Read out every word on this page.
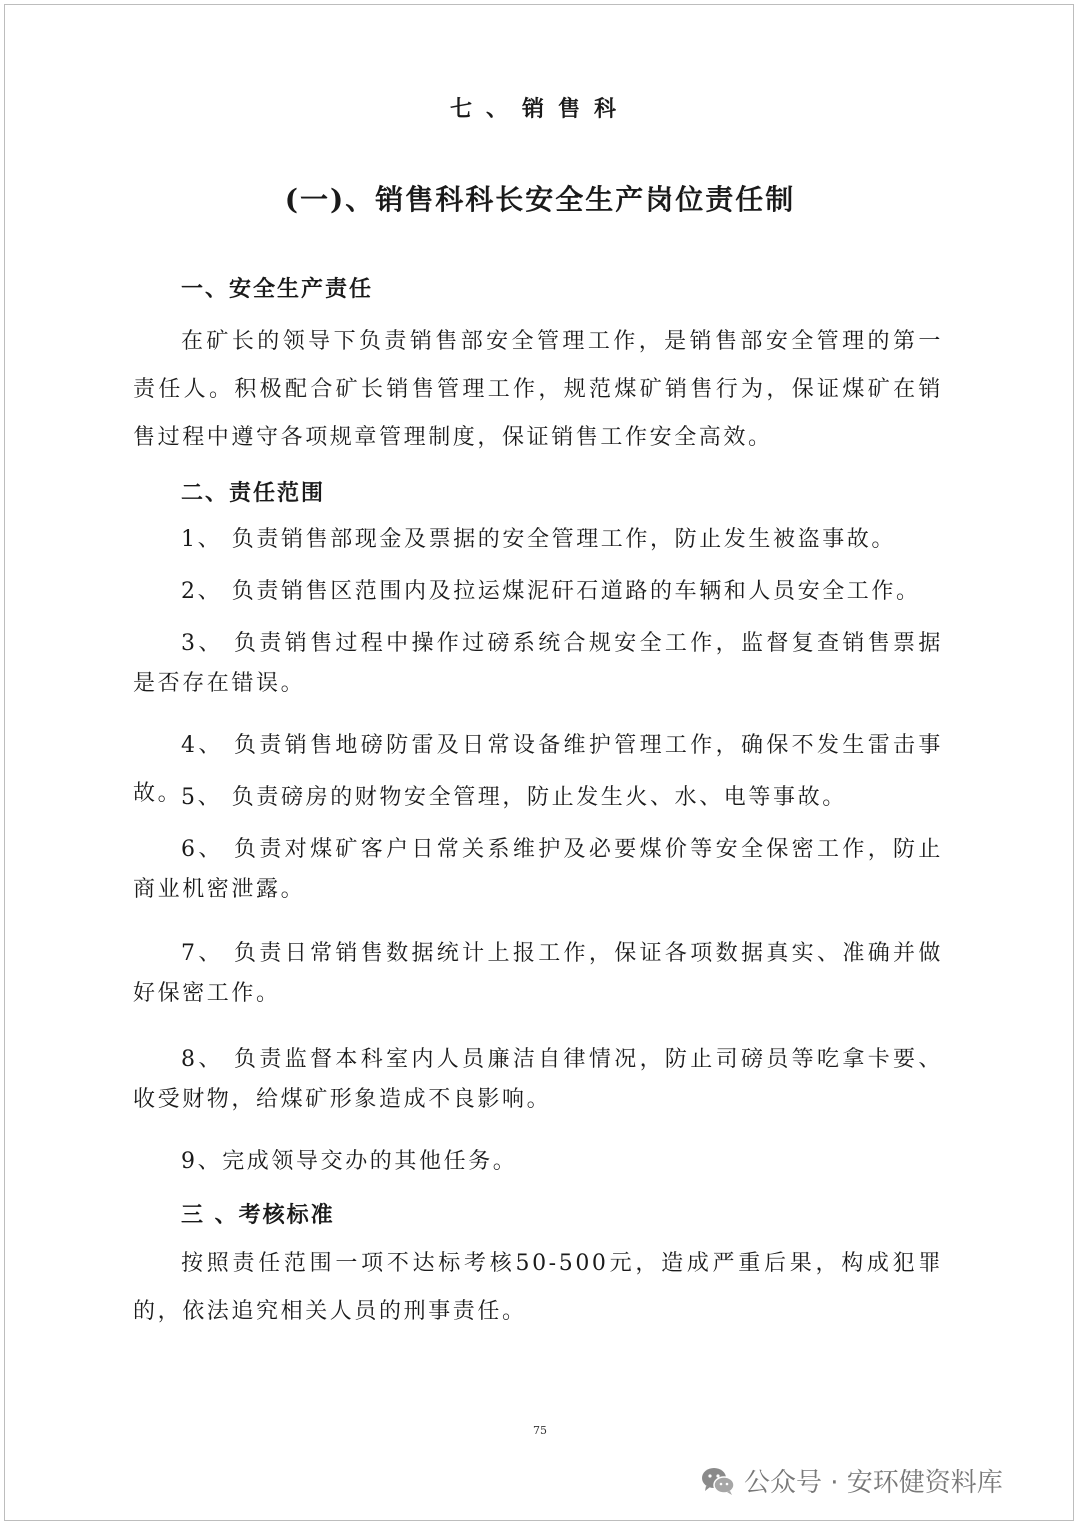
七、销售科
(一)、销售科科长安全生产岗位责任制
一、安全生产责任
在矿长的领导下负责销售部安全管理工作，是销售部安全管理的第一责任人。积极配合矿长销售管理工作，规范煤矿销售行为，保证煤矿在销售过程中遵守各项规章管理制度，保证销售工作安全高效。
二、责任范围
1、 负责销售部现金及票据的安全管理工作，防止发生被盗事故。
2、 负责销售区范围内及拉运煤泥矸石道路的车辆和人员安全工作。
3、 负责销售过程中操作过磅系统合规安全工作，监督复查销售票据是否存在错误。
4、 负责销售地磅防雷及日常设备维护管理工作，确保不发生雷击事故。
5、 负责磅房的财物安全管理，防止发生火、水、电等事故。
6、 负责对煤矿客户日常关系维护及必要煤价等安全保密工作，防止商业机密泄露。
7、 负责日常销售数据统计上报工作，保证各项数据真实、准确并做好保密工作。
8、 负责监督本科室内人员廉洁自律情况，防止司磅员等吃拿卡要、收受财物，给煤矿形象造成不良影响。
9、完成领导交办的其他任务。
三 、考核标准
按照责任范围一项不达标考核50-500元，造成严重后果，构成犯罪的，依法追究相关人员的刑事责任。
75
公众号 · 安环健资料库
